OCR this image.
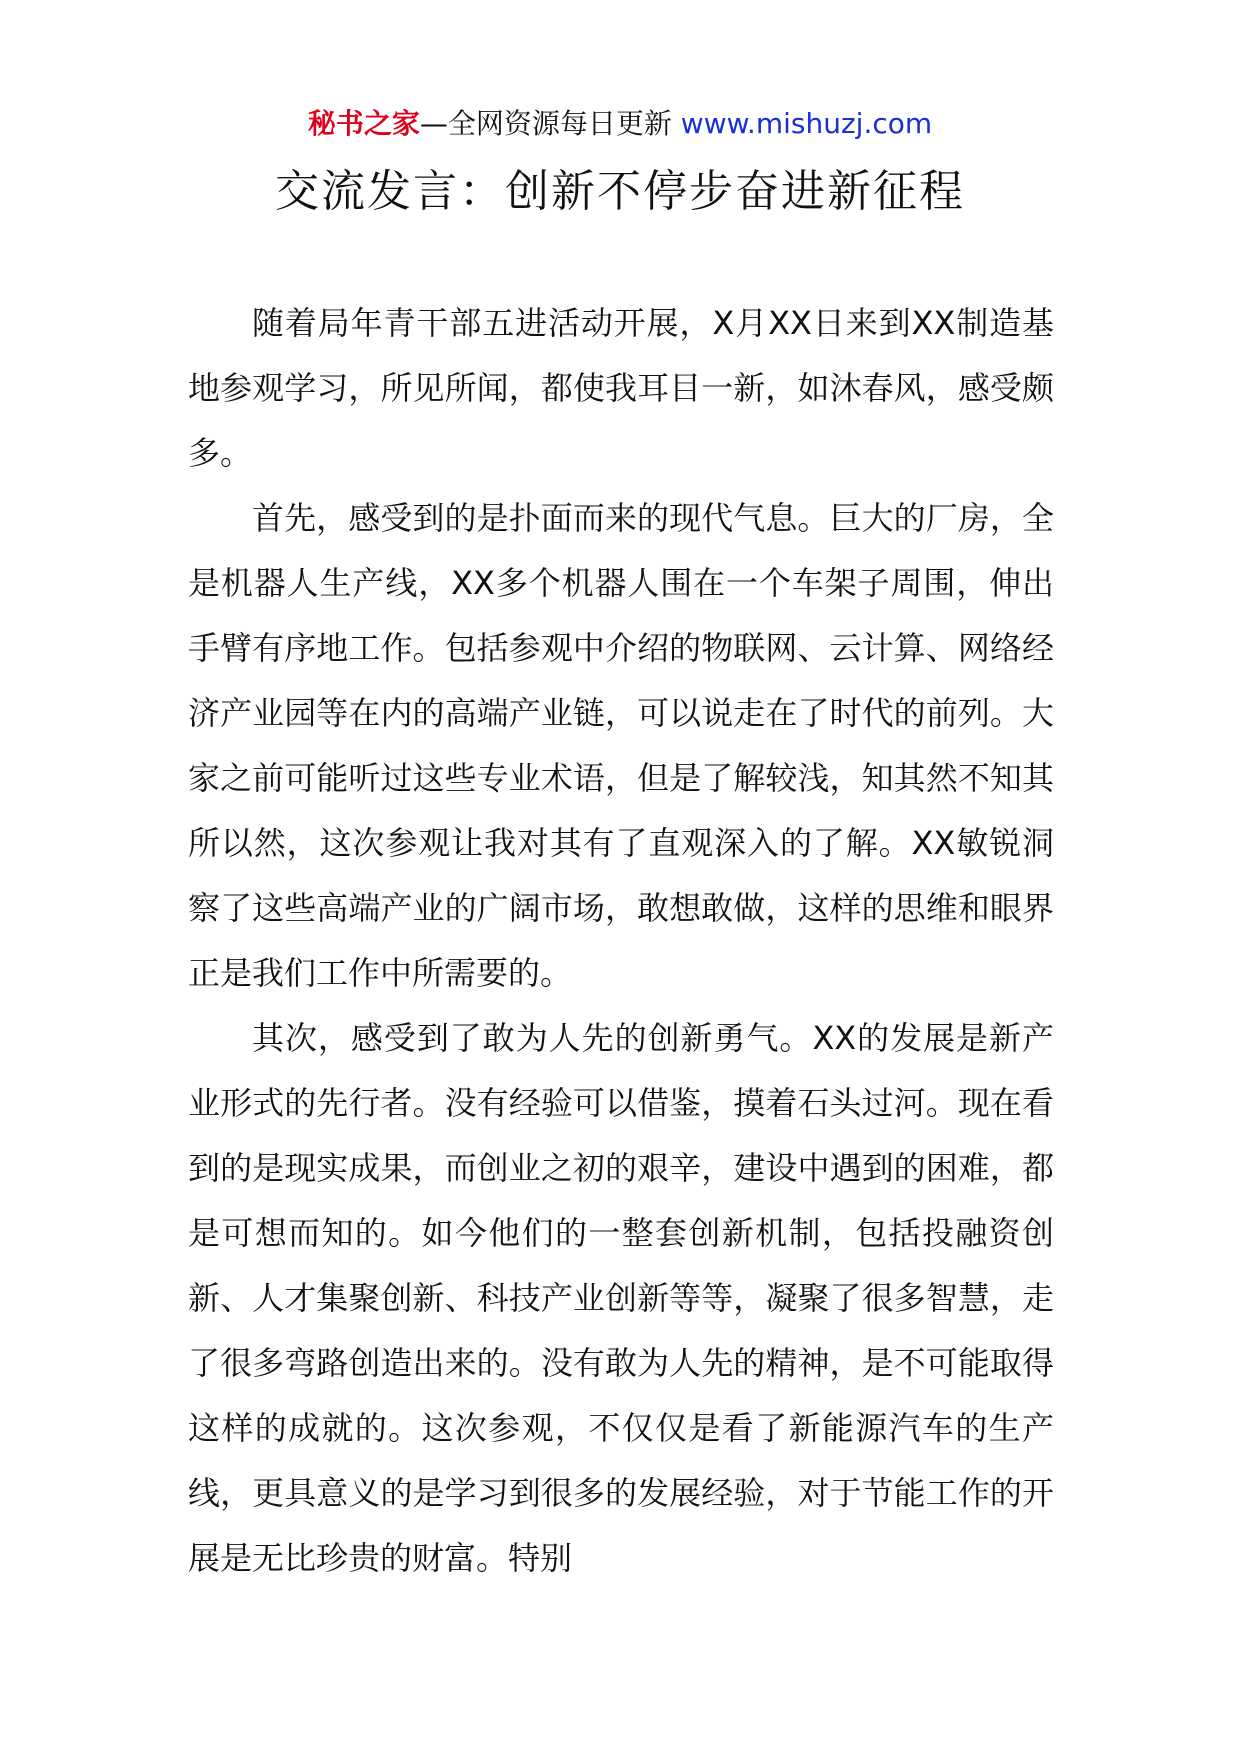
秘书之家—全网资源每日更新 www.mishuzj.com
交流发言：创新不停步奋进新征程

随着局年青干部五进活动开展，X月XX日来到XX制造基地参观学习，所见所闻，都使我耳目一新，如沐春风，感受颇多。

首先，感受到的是扑面而来的现代气息。巨大的厂房，全是机器人生产线，XX多个机器人围在一个车架子周围，伸出手臂有序地工作。包括参观中介绍的物联网、云计算、网络经济产业园等在内的高端产业链，可以说走在了时代的前列。大家之前可能听过这些专业术语，但是了解较浅，知其然不知其所以然，这次参观让我对其有了直观深入的了解。XX敏锐洞察了这些高端产业的广阔市场，敢想敢做，这样的思维和眼界正是我们工作中所需要的。

其次，感受到了敢为人先的创新勇气。XX的发展是新产业形式的先行者。没有经验可以借鉴，摸着石头过河。现在看到的是现实成果，而创业之初的艰辛，建设中遇到的困难，都是可想而知的。如今他们的一整套创新机制，包括投融资创新、人才集聚创新、科技产业创新等等，凝聚了很多智慧，走了很多弯路创造出来的。没有敢为人先的精神，是不可能取得这样的成就的。这次参观，不仅仅是看了新能源汽车的生产线，更具意义的是学习到很多的发展经验，对于节能工作的开展是无比珍贵的财富。特别
